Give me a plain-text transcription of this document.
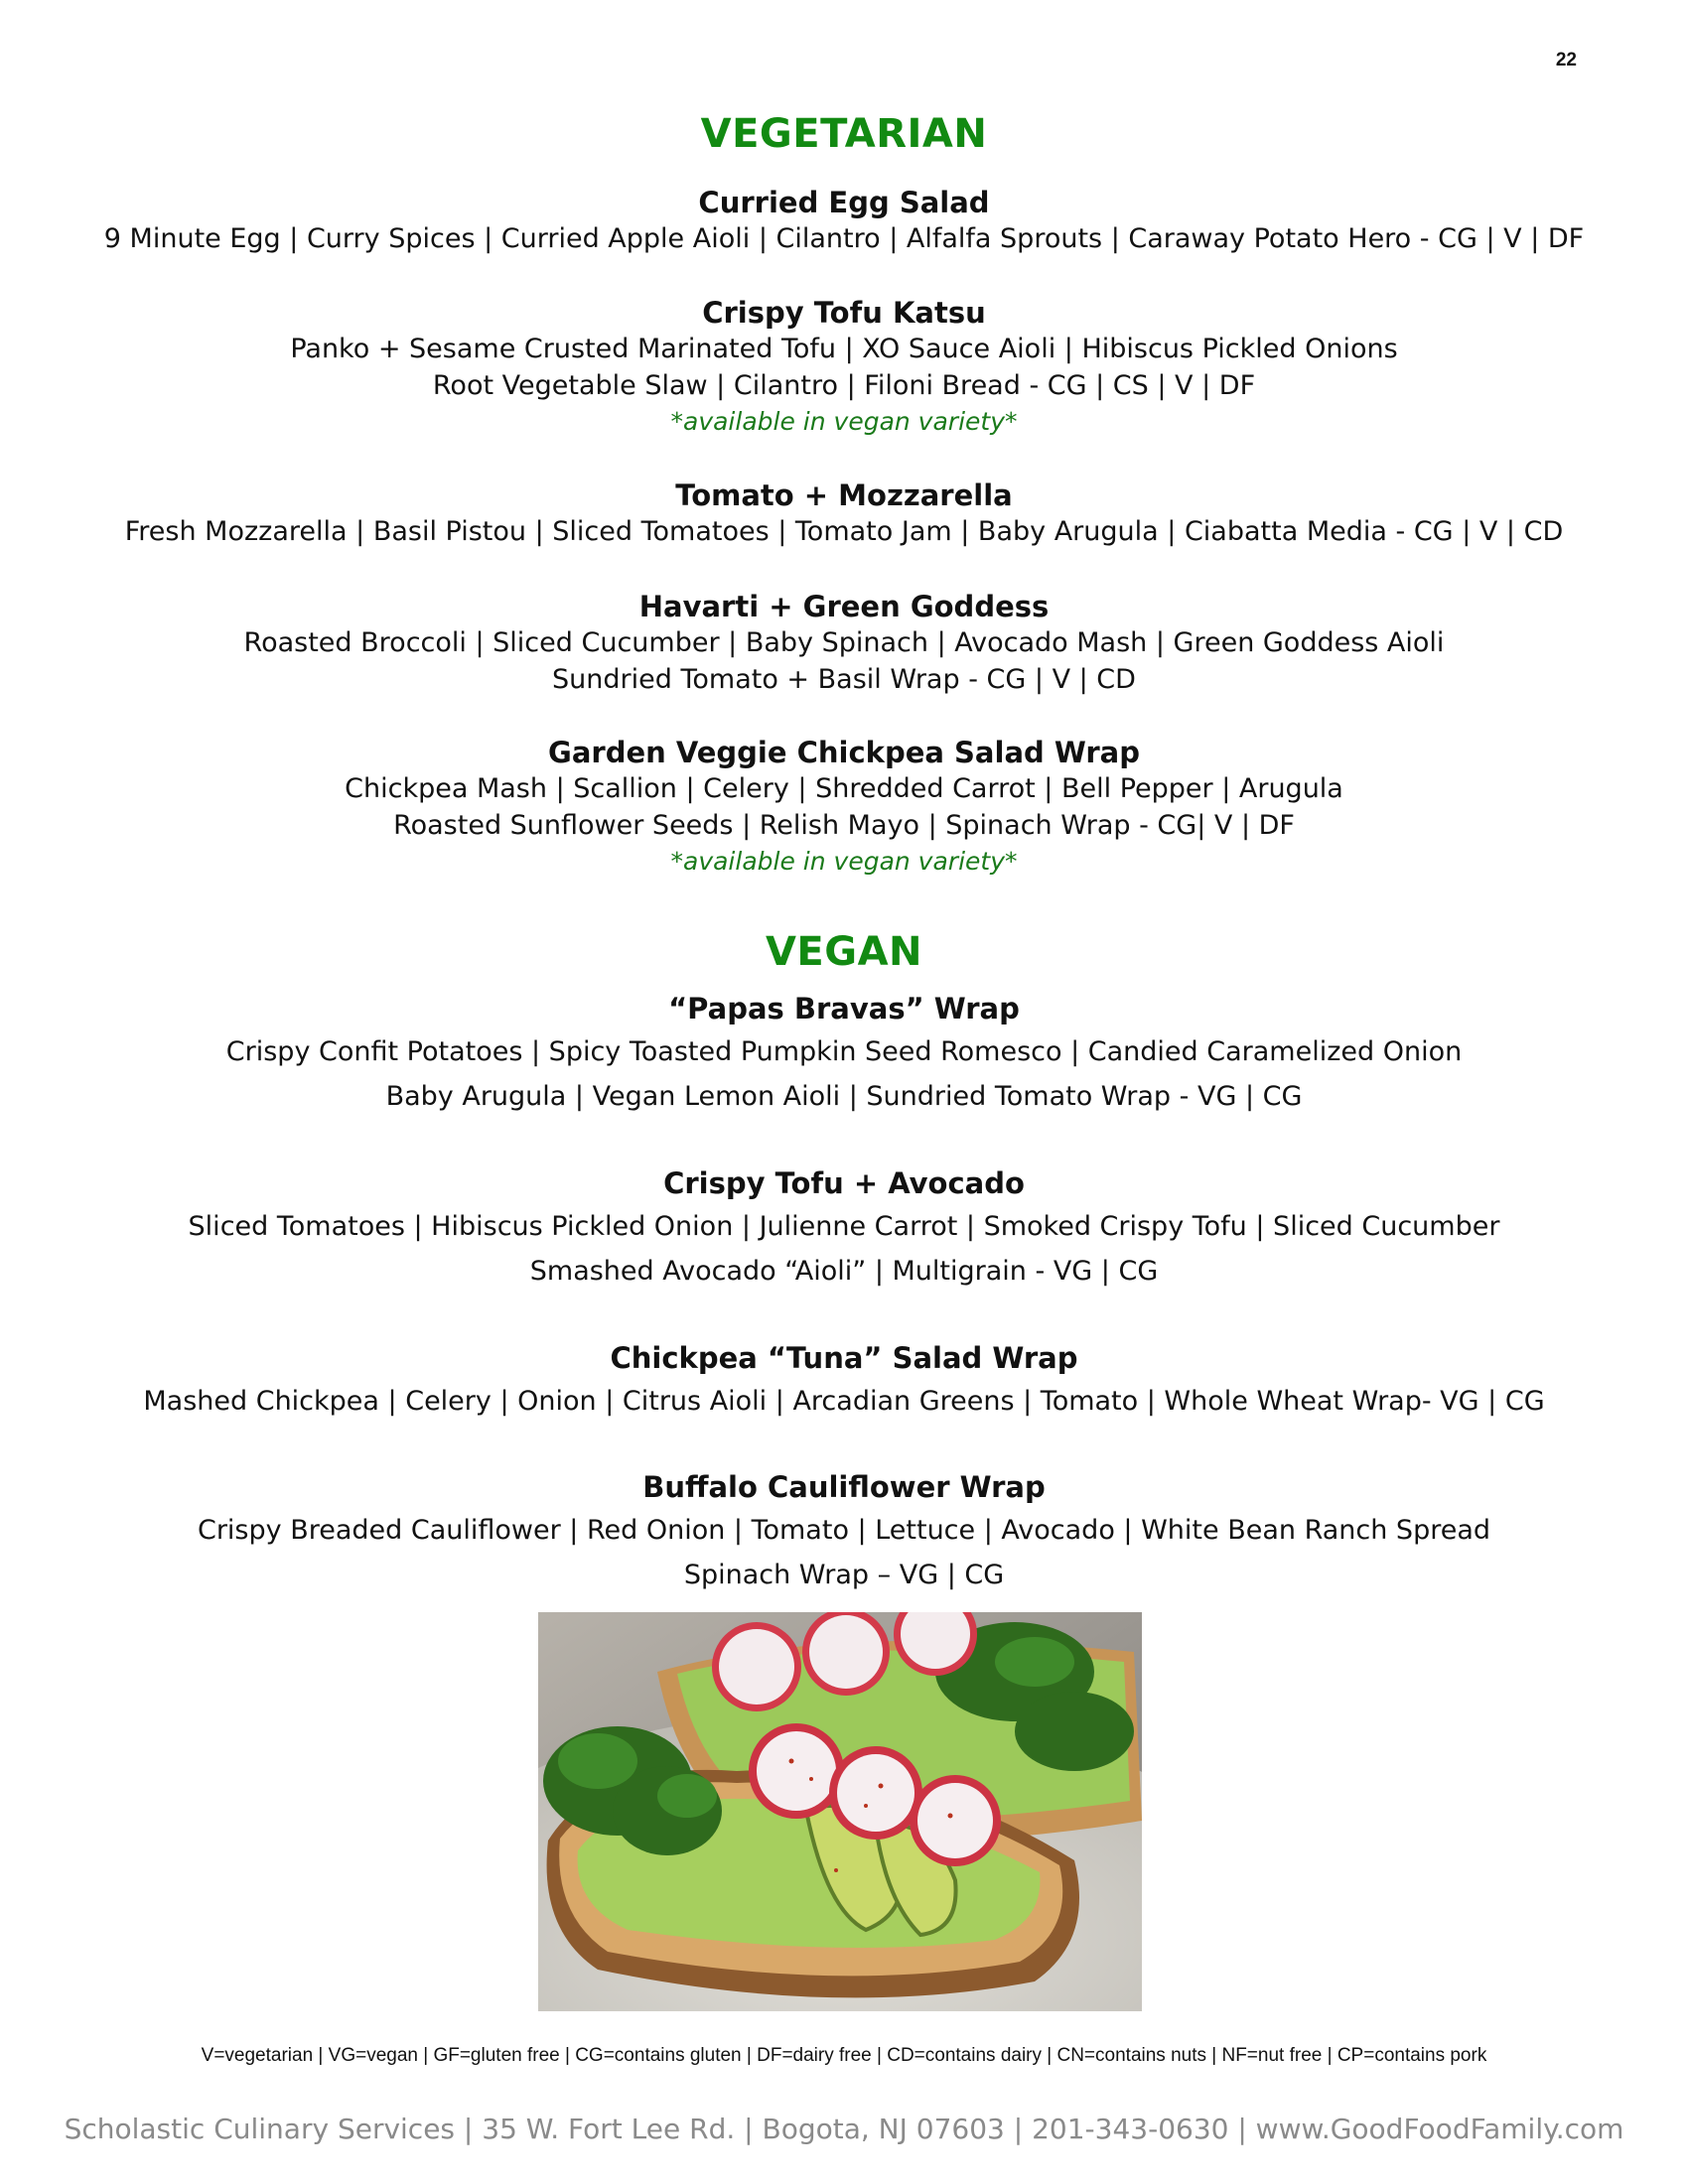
22
VEGETARIAN

Curried Egg Salad

9 Minute Egg | Curry Spices | Curried Apple Aioli | Cilantro | Alfalfa Sprouts | Caraway Potato Hero - CG | V | DF

Crispy Tofu Katsu

Panko + Sesame Crusted Marinated Tofu | XO Sauce Aioli | Hibiscus Pickled Onions

Root Vegetable Slaw | Cilantro | Filoni Bread - CG | CS | V | DF

*available in vegan variety*

Tomato + Mozzarella

Fresh Mozzarella | Basil Pistou | Sliced Tomatoes | Tomato Jam | Baby Arugula | Ciabatta Media - CG | V | CD

Havarti + Green Goddess

Roasted Broccoli | Sliced Cucumber | Baby Spinach | Avocado Mash | Green Goddess Aioli

Sundried Tomato + Basil Wrap - CG | V | CD

Garden Veggie Chickpea Salad Wrap

Chickpea Mash | Scallion | Celery | Shredded Carrot | Bell Pepper | Arugula

Roasted Sunflower Seeds | Relish Mayo | Spinach Wrap - CG| V | DF

*available in vegan variety*

VEGAN

“Papas Bravas” Wrap

Crispy Confit Potatoes | Spicy Toasted Pumpkin Seed Romesco | Candied Caramelized Onion

Baby Arugula | Vegan Lemon Aioli | Sundried Tomato Wrap - VG | CG

Crispy Tofu + Avocado

Sliced Tomatoes | Hibiscus Pickled Onion | Julienne Carrot | Smoked Crispy Tofu | Sliced Cucumber

Smashed Avocado “Aioli” | Multigrain - VG | CG

Chickpea “Tuna” Salad Wrap

Mashed Chickpea | Celery | Onion | Citrus Aioli | Arcadian Greens | Tomato | Whole Wheat Wrap- VG | CG

Buffalo Cauliflower Wrap

Crispy Breaded Cauliflower | Red Onion | Tomato | Lettuce | Avocado | White Bean Ranch Spread

Spinach Wrap – VG | CG

V=vegetarian | VG=vegan | GF=gluten free | CG=contains gluten | DF=dairy free | CD=contains dairy | CN=contains nuts | NF=nut free | CP=contains pork
Scholastic Culinary Services | 35 W. Fort Lee Rd. | Bogota, NJ 07603 | 201-343-0630 | www.GoodFoodFamily.com
